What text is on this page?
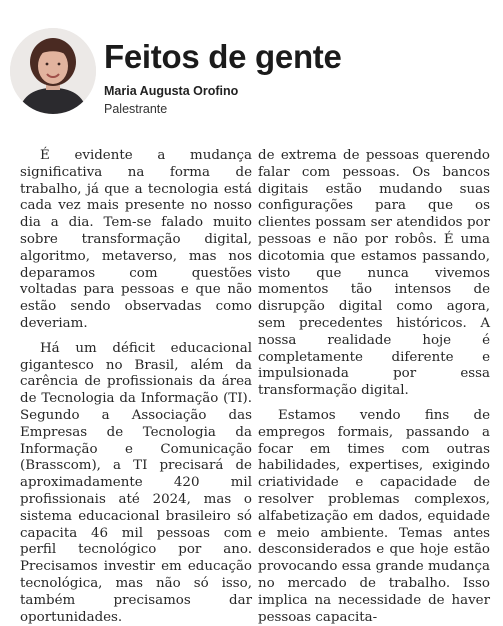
Feitos de gente
Maria Augusta Orofino
Palestrante

É evidente a mudança significativa na forma de trabalho, já que a tecnologia está cada vez mais presente no nosso dia a dia. Tem-se falado muito sobre transformação digital, algoritmo, metaverso, mas nos deparamos com questões voltadas para pessoas e que não estão sendo observadas como deveriam.

Há um déficit educacional gigantesco no Brasil, além da carência de profissionais da área de Tecnologia da Informação (TI). Segundo a Associação das Empresas de Tecnologia da Informação e Comunicação (Brasscom), a TI precisará de aproximadamente 420 mil profissionais até 2024, mas o sistema educacional brasileiro só capacita 46 mil pessoas com perfil tecnológico por ano. Precisamos investir em educação tecnológica, mas não só isso, também precisamos dar oportunidades.

de extrema de pessoas querendo falar com pessoas. Os bancos digitais estão mudando suas configurações para que os clientes possam ser atendidos por pessoas e não por robôs. É uma dicotomia que estamos passando, visto que nunca vivemos momentos tão intensos de disrupção digital como agora, sem precedentes históricos. A nossa realidade hoje é completamente diferente e impulsionada por essa transformação digital.

Estamos vendo fins de empregos formais, passando a focar em times com outras habilidades, expertises, exigindo criatividade e capacidade de resolver problemas complexos, alfabetização em dados, equidade e meio ambiente. Temas antes desconsiderados e que hoje estão provocando essa grande mudança no mercado de trabalho. Isso implica na necessidade de haver pessoas capacita-
